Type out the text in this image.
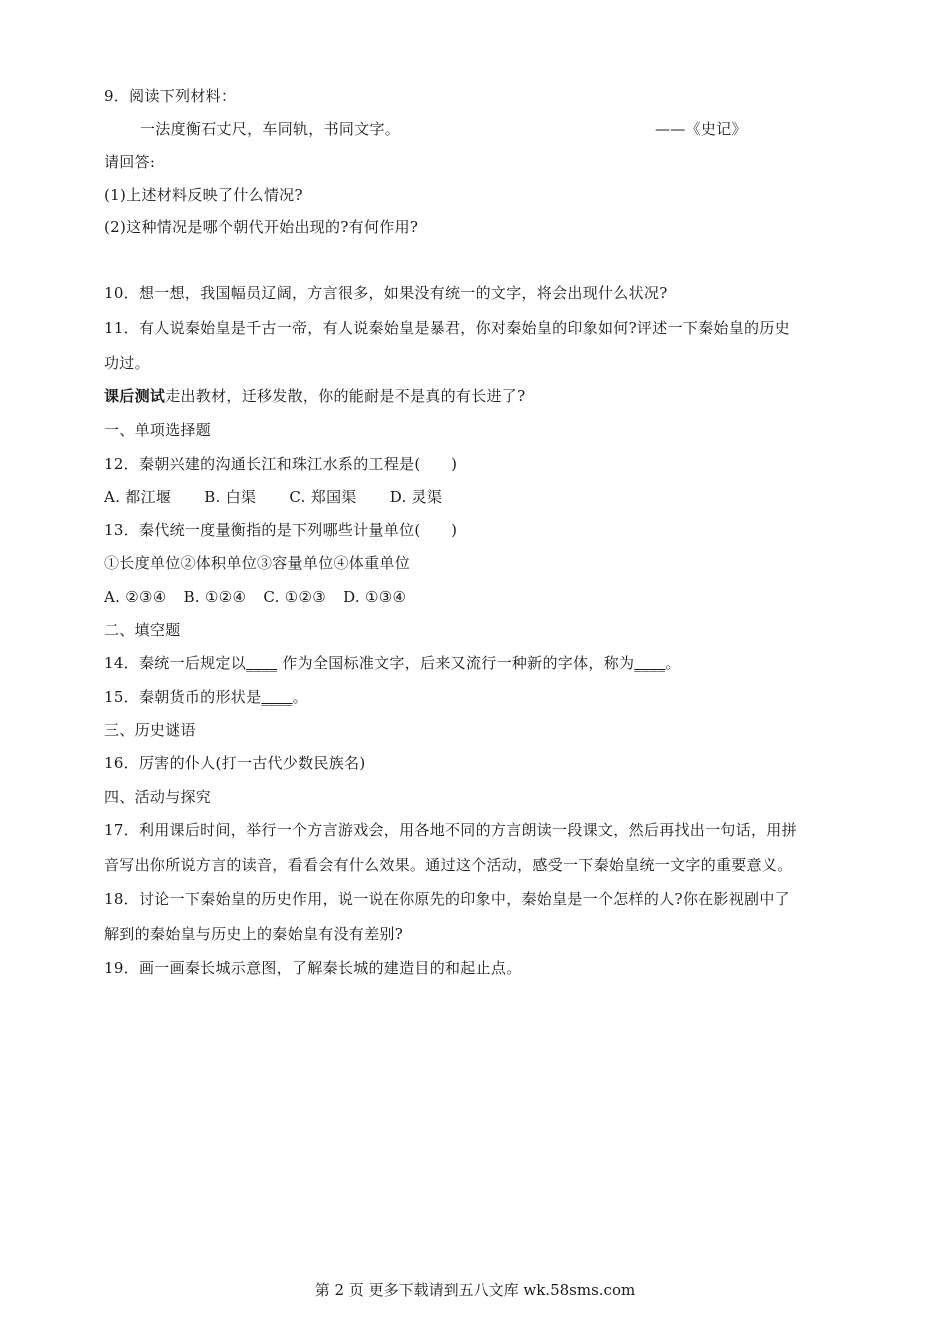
9．阅读下列材料：
一法度衡石丈尺，车同轨，书同文字。	——《史记》
请回答:
(1)上述材料反映了什么情况?
(2)这种情况是哪个朝代开始出现的?有何作用?
10．想一想，我国幅员辽阔，方言很多，如果没有统一的文字，将会出现什么状况?
11．有人说秦始皇是千古一帝，有人说秦始皇是暴君，你对秦始皇的印象如何?评述一下秦始皇的历史
功过。
课后测试走出教材，迁移发散，你的能耐是不是真的有长进了?
一、单项选择题
12．秦朝兴建的沟通长江和珠江水系的工程是(　　)
A. 都江堰 B. 白渠 C. 郑国渠 D. 灵渠
13．秦代统一度量衡指的是下列哪些计量单位(　　)
①长度单位②体积单位③容量单位④体重单位
A. ②③④ B. ①②④ C. ①②③ D. ①③④
二、填空题
14．秦统一后规定以____ 作为全国标准文字，后来又流行一种新的字体，称为____。
15．秦朝货币的形状是____。
三、历史谜语
16．厉害的仆人(打一古代少数民族名)
四、活动与探究
17．利用课后时间，举行一个方言游戏会，用各地不同的方言朗读一段课文，然后再找出一句话，用拼
音写出你所说方言的读音，看看会有什么效果。通过这个活动，感受一下秦始皇统一文字的重要意义。
18．讨论一下秦始皇的历史作用，说一说在你原先的印象中，秦始皇是一个怎样的人?你在影视剧中了
解到的秦始皇与历史上的秦始皇有没有差别?
19．画一画秦长城示意图，了解秦长城的建造目的和起止点。
第 2 页 更多下载请到五八文库 wk.58sms.com
